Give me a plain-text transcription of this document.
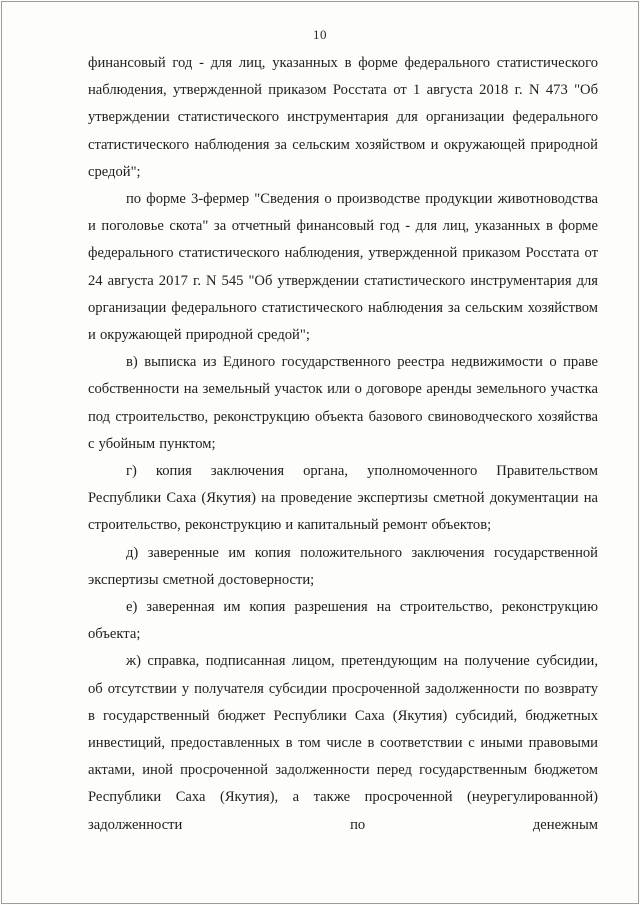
10

финансовый год - для лиц, указанных в форме федерального статистического наблюдения, утвержденной приказом Росстата от 1 августа 2018 г. N 473 "Об утверждении статистического инструментария для организации федерального статистического наблюдения за сельским хозяйством и окружающей природной средой";

по форме 3-фермер "Сведения о производстве продукции животноводства и поголовье скота" за отчетный финансовый год - для лиц, указанных в форме федерального статистического наблюдения, утвержденной приказом Росстата от 24 августа 2017 г. N 545 "Об утверждении статистического инструментария для организации федерального статистического наблюдения за сельским хозяйством и окружающей природной средой";

в) выписка из Единого государственного реестра недвижимости о праве собственности на земельный участок или о договоре аренды земельного участка под строительство, реконструкцию объекта базового свиноводческого хозяйства с убойным пунктом;

г) копия заключения органа, уполномоченного Правительством Республики Саха (Якутия) на проведение экспертизы сметной документации на строительство, реконструкцию и капитальный ремонт объектов;

д) заверенные им копия положительного заключения государственной экспертизы сметной достоверности;

е) заверенная им копия разрешения на строительство, реконструкцию объекта;

ж) справка, подписанная лицом, претендующим на получение субсидии, об отсутствии у получателя субсидии просроченной задолженности по возврату в государственный бюджет Республики Саха (Якутия) субсидий, бюджетных инвестиций, предоставленных в том числе в соответствии с иными правовыми актами, иной просроченной задолженности перед государственным бюджетом Республики Саха (Якутия), а также просроченной (неурегулированной) задолженности по денежным
